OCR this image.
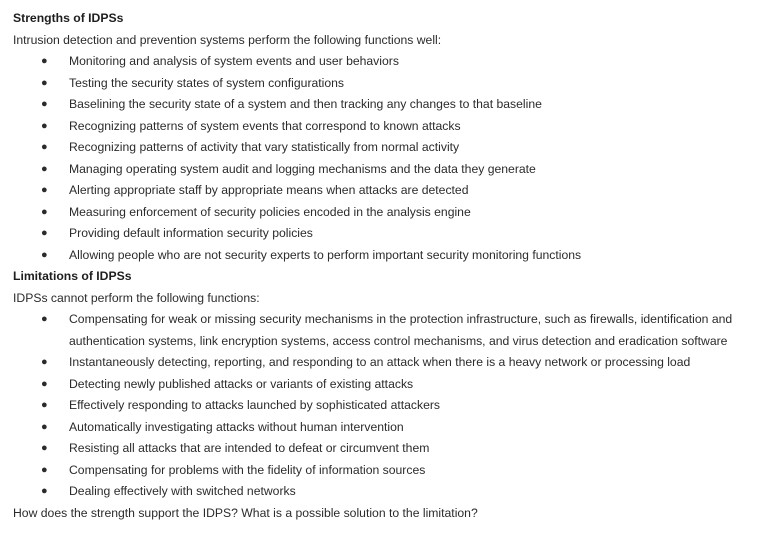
Strengths of IDPSs

Intrusion detection and prevention systems perform the following functions well:

● Monitoring and analysis of system events and user behaviors
● Testing the security states of system configurations
● Baselining the security state of a system and then tracking any changes to that baseline
● Recognizing patterns of system events that correspond to known attacks
● Recognizing patterns of activity that vary statistically from normal activity
● Managing operating system audit and logging mechanisms and the data they generate
● Alerting appropriate staff by appropriate means when attacks are detected
● Measuring enforcement of security policies encoded in the analysis engine
● Providing default information security policies
● Allowing people who are not security experts to perform important security monitoring functions

Limitations of IDPSs

IDPSs cannot perform the following functions:

● Compensating for weak or missing security mechanisms in the protection infrastructure, such as firewalls, identification and authentication systems, link encryption systems, access control mechanisms, and virus detection and eradication software
● Instantaneously detecting, reporting, and responding to an attack when there is a heavy network or processing load
● Detecting newly published attacks or variants of existing attacks
● Effectively responding to attacks launched by sophisticated attackers
● Automatically investigating attacks without human intervention
● Resisting all attacks that are intended to defeat or circumvent them
● Compensating for problems with the fidelity of information sources
● Dealing effectively with switched networks

How does the strength support the IDPS? What is a possible solution to the limitation?
